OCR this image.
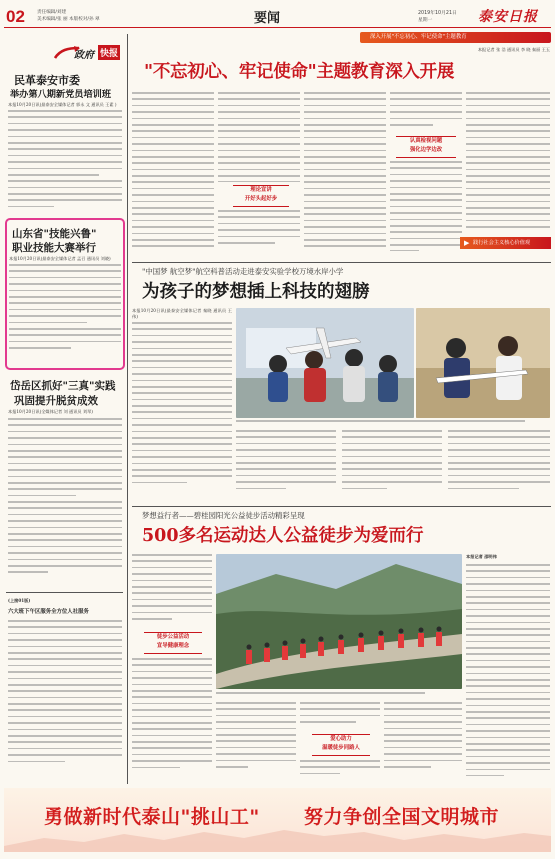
02	责任编辑/刘建
美术编辑/张 丽 本版校对/孙 翠	要闻	2019年10月21日
星期一	泰安日报
政府 快报
民革泰安市委
举办第八期新党员培训班
本报10月20日讯(最泰安全媒体记者 郭永 文 通讯员 王素 )
山东省"技能兴鲁"
职业技能大赛举行
本报10月20日讯(最泰安全媒体记者 孟召 通讯员 刘晓)
岱岳区抓好"三真"实践
巩固提升脱贫成效
本报10月20日讯(全媒体记者 刘 通讯员 刘翠)
(上接01版)
六大班下午区服务全方位人社服务
深入开展"不忘初心、牢记使命"主题教育
本报记者 张 浩 通讯员 李 晓 秦丽 王玉
"不忘初心、牢记使命"主题教育深入开展
理论宣讲
开好头起好步
认真检视问题
强化边学边改
▶ 践行社会主义核心价值观
"中国梦 航空梦"航空科普活动走进泰安实验学校万境水岸小学
为孩子的梦想插上科技的翅膀
本报10月20日讯(最泰安全媒体记者 秦晓 通讯员 王伟)
梦想益行者——碧桂园阳光公益徒步活动精彩呈现
500多名运动达人公益徒步为爱而行
徒步公益活动
宣导健康理念
爱心助力
温暖徒步同路人
本报记者 邵明伟
勇做新时代泰山"挑山工" 努力争创全国文明城市
